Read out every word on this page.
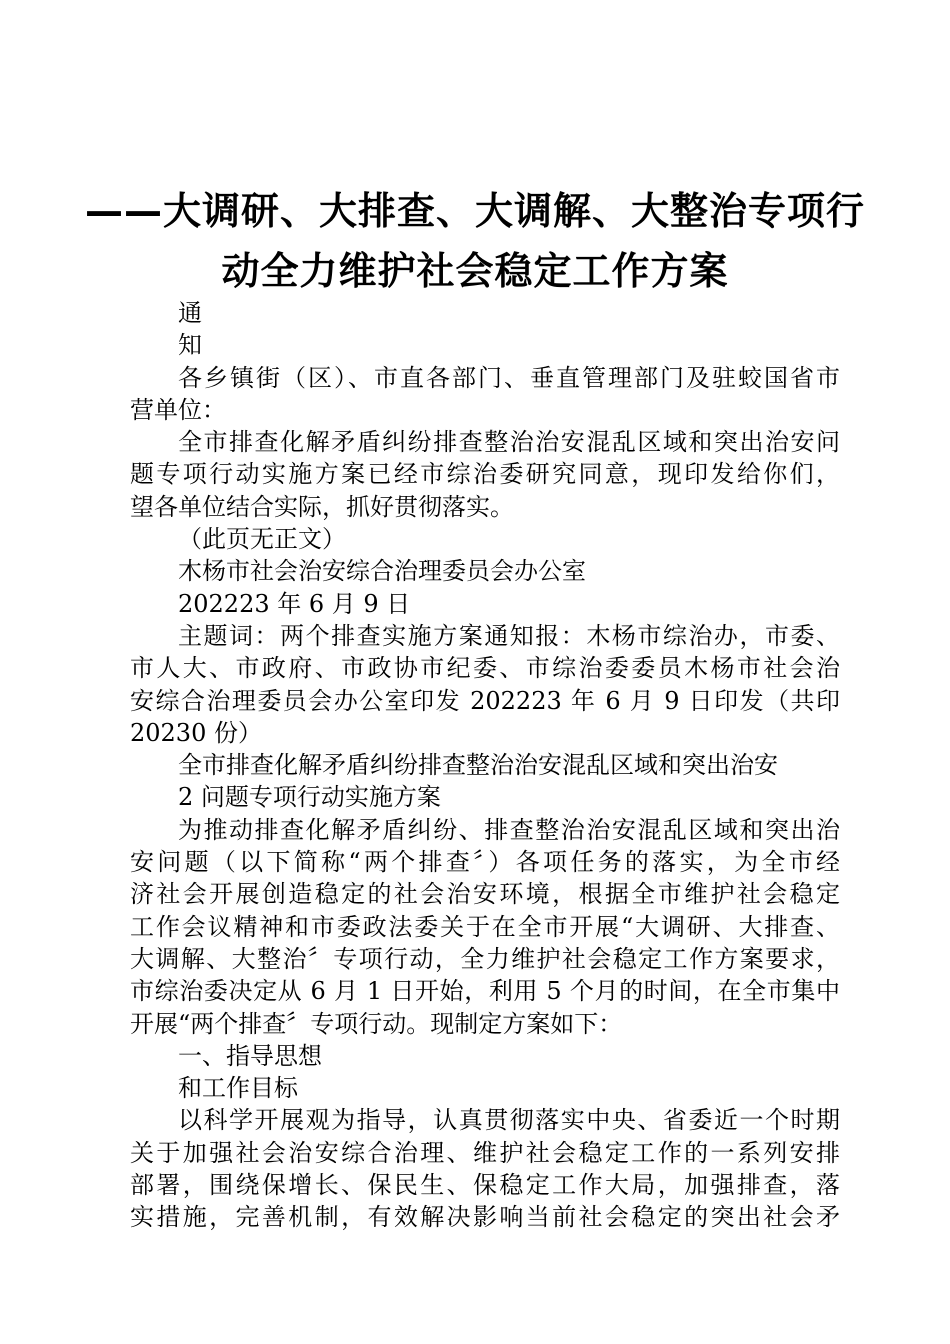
——大调研、大排查、大调解、大整治专项行
动全力维护社会稳定工作方案
通
知
各乡镇街（区）、市直各部门、垂直管理部门及驻蛟国省市
营单位：
全市排查化解矛盾纠纷排查整治治安混乱区域和突出治安问
题专项行动实施方案已经市综治委研究同意，现印发给你们，
望各单位结合实际，抓好贯彻落实。
（此页无正文）
木杨市社会治安综合治理委员会办公室
202223 年 6 月 9 日
主题词：两个排查实施方案通知报：木杨市综治办，市委、
市人大、市政府、市政协市纪委、市综治委委员木杨市社会治
安综合治理委员会办公室印发 202223 年 6 月 9 日印发（共印
20230 份）
全市排查化解矛盾纠纷排查整治治安混乱区域和突出治安
2 问题专项行动实施方案
为推动排查化解矛盾纠纷、排查整治治安混乱区域和突出治
安问题（以下简称“两个排查〞）各项任务的落实，为全市经
济社会开展创造稳定的社会治安环境，根据全市维护社会稳定
工作会议精神和市委政法委关于在全市开展“大调研、大排查、
大调解、大整治〞专项行动，全力维护社会稳定工作方案要求，
市综治委决定从 6 月 1 日开始，利用 5 个月的时间，在全市集中
开展“两个排查〞专项行动。现制定方案如下：
一、指导思想
和工作目标
以科学开展观为指导，认真贯彻落实中央、省委近一个时期
关于加强社会治安综合治理、维护社会稳定工作的一系列安排
部署，围绕保增长、保民生、保稳定工作大局，加强排查，落
实措施，完善机制，有效解决影响当前社会稳定的突出社会矛
